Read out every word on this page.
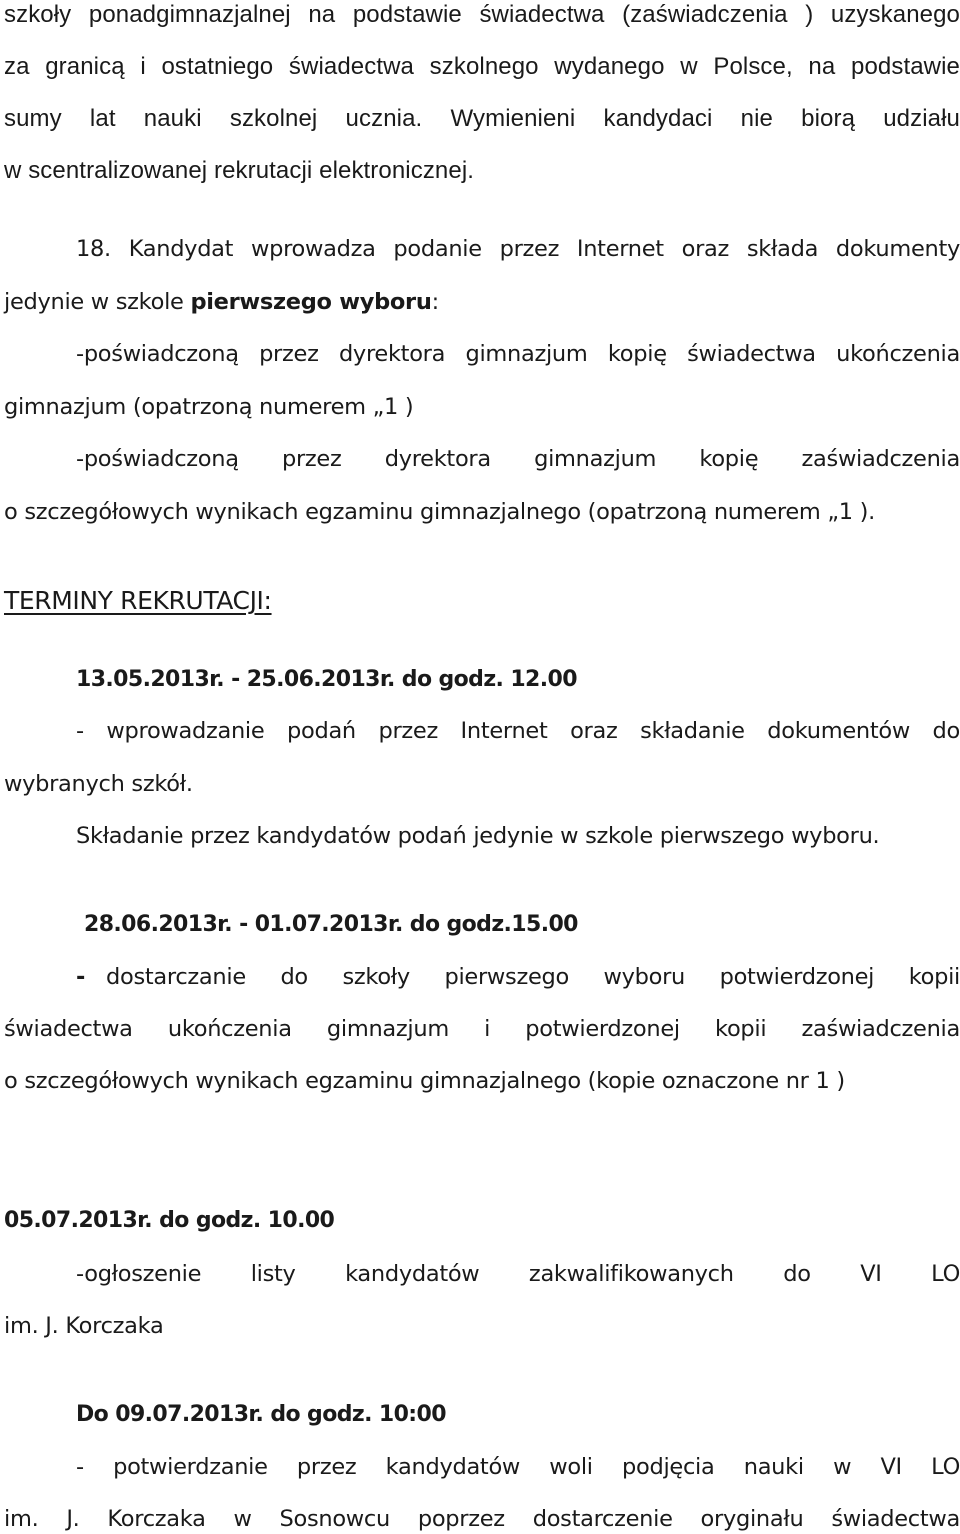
szkoły ponadgimnazjalnej na podstawie świadectwa (zaświadczenia ) uzyskanego
za granicą i ostatniego świadectwa szkolnego wydanego w Polsce, na podstawie
sumy lat nauki szkolnej ucznia. Wymienieni kandydaci nie biorą udziału
w scentralizowanej rekrutacji elektronicznej.
18. Kandydat wprowadza podanie przez Internet oraz składa dokumenty
jedynie w szkole pierwszego wyboru:
-poświadczoną przez dyrektora gimnazjum kopię świadectwa ukończenia
gimnazjum (opatrzoną numerem „1 )
-poświadczoną przez dyrektora gimnazjum kopię zaświadczenia
o szczegółowych wynikach egzaminu gimnazjalnego (opatrzoną numerem „1 ).
TERMINY REKRUTACJI:
13.05.2013r. - 25.06.2013r. do godz. 12.00
- wprowadzanie podań przez Internet oraz składanie dokumentów do
wybranych szkół.
Składanie przez kandydatów podań jedynie w szkole pierwszego wyboru.
28.06.2013r. - 01.07.2013r. do godz.15.00
- dostarczanie do szkoły pierwszego wyboru potwierdzonej kopii
świadectwa ukończenia gimnazjum i potwierdzonej kopii zaświadczenia
o szczegółowych wynikach egzaminu gimnazjalnego (kopie oznaczone nr 1 )
05.07.2013r. do godz. 10.00
-ogłoszenie listy kandydatów zakwalifikowanych do VI LO
im. J. Korczaka
Do 09.07.2013r. do godz. 10:00
- potwierdzanie przez kandydatów woli podjęcia nauki w VI LO
im. J. Korczaka w Sosnowcu poprzez dostarczenie oryginału świadectwa
